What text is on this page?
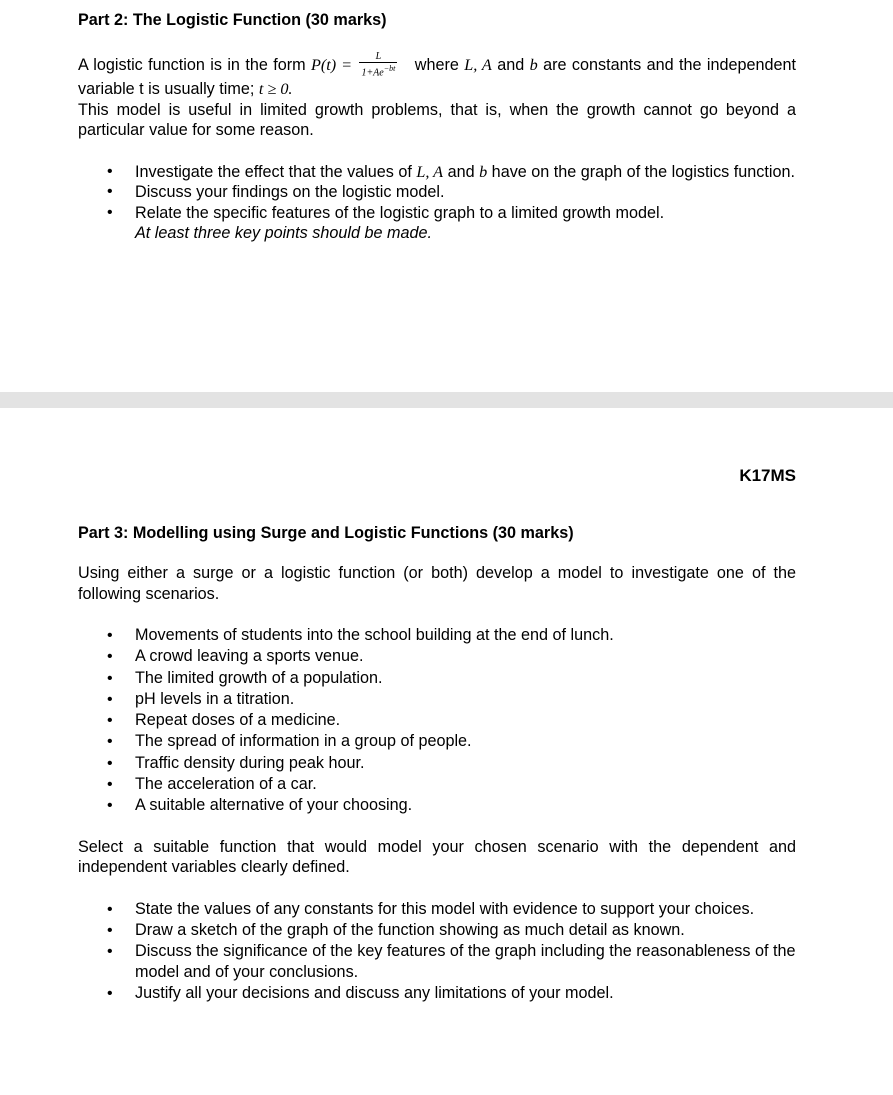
Part 2: The Logistic Function (30 marks)

A logistic function is in the form $P(t) = \frac{L}{1+Ae^{-bt}}$ where L, A and b are constants and the independent variable t is usually time; t ≥ 0.

This model is useful in limited growth problems, that is, when the growth cannot go beyond a particular value for some reason.

• Investigate the effect that the values of L, A and b have on the graph of the logistics function.
• Discuss your findings on the logistic model.
• Relate the specific features of the logistic graph to a limited growth model.
At least three key points should be made.
K17MS
Part 3: Modelling using Surge and Logistic Functions (30 marks)

Using either a surge or a logistic function (or both) develop a model to investigate one of the following scenarios.

• Movements of students into the school building at the end of lunch.
• A crowd leaving a sports venue.
• The limited growth of a population.
• pH levels in a titration.
• Repeat doses of a medicine.
• The spread of information in a group of people.
• Traffic density during peak hour.
• The acceleration of a car.
• A suitable alternative of your choosing.

Select a suitable function that would model your chosen scenario with the dependent and independent variables clearly defined.

• State the values of any constants for this model with evidence to support your choices.
• Draw a sketch of the graph of the function showing as much detail as known.
• Discuss the significance of the key features of the graph including the reasonableness of the model and of your conclusions.
• Justify all your decisions and discuss any limitations of your model.
